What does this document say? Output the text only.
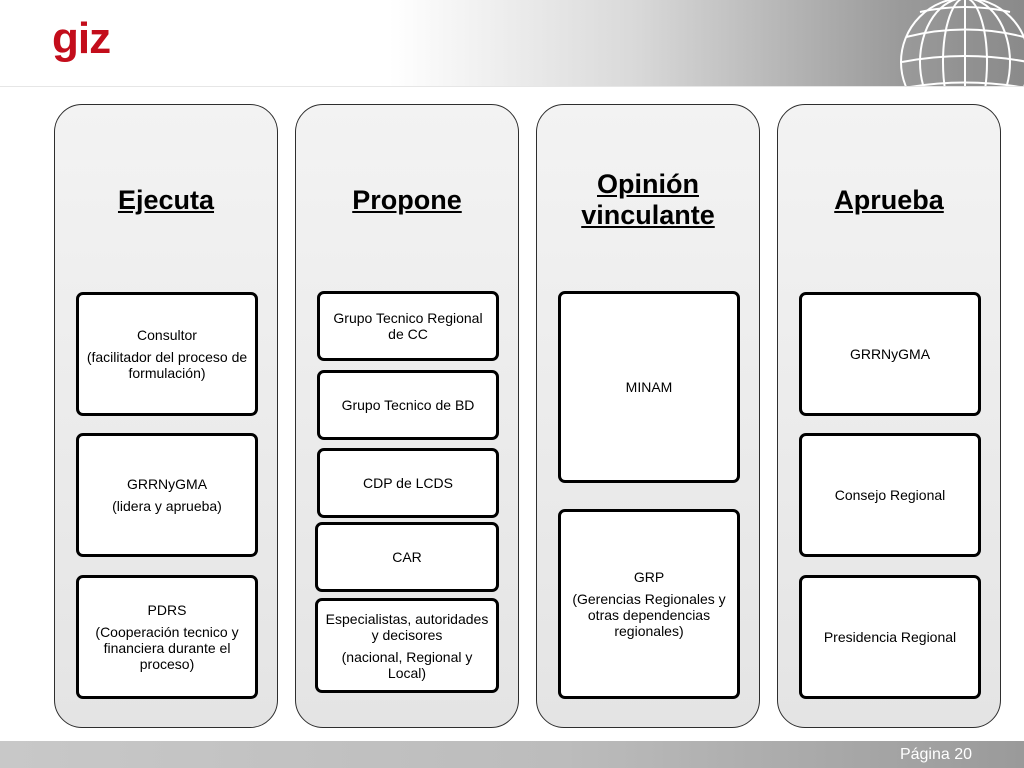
giz
Ejecuta
Consultor
(facilitador del proceso de formulación)
GRRNyGMA
(lidera y aprueba)
PDRS
(Cooperación tecnico y financiera durante el proceso)
Propone
Grupo Tecnico Regional de CC
Grupo Tecnico de BD
CDP de LCDS
CAR
Especialistas, autoridades y decisores
(nacional, Regional y Local)
Opinión
vinculante
MINAM
GRP
(Gerencias Regionales y otras dependencias regionales)
Aprueba
GRRNyGMA
Consejo Regional
Presidencia Regional
Página 20
